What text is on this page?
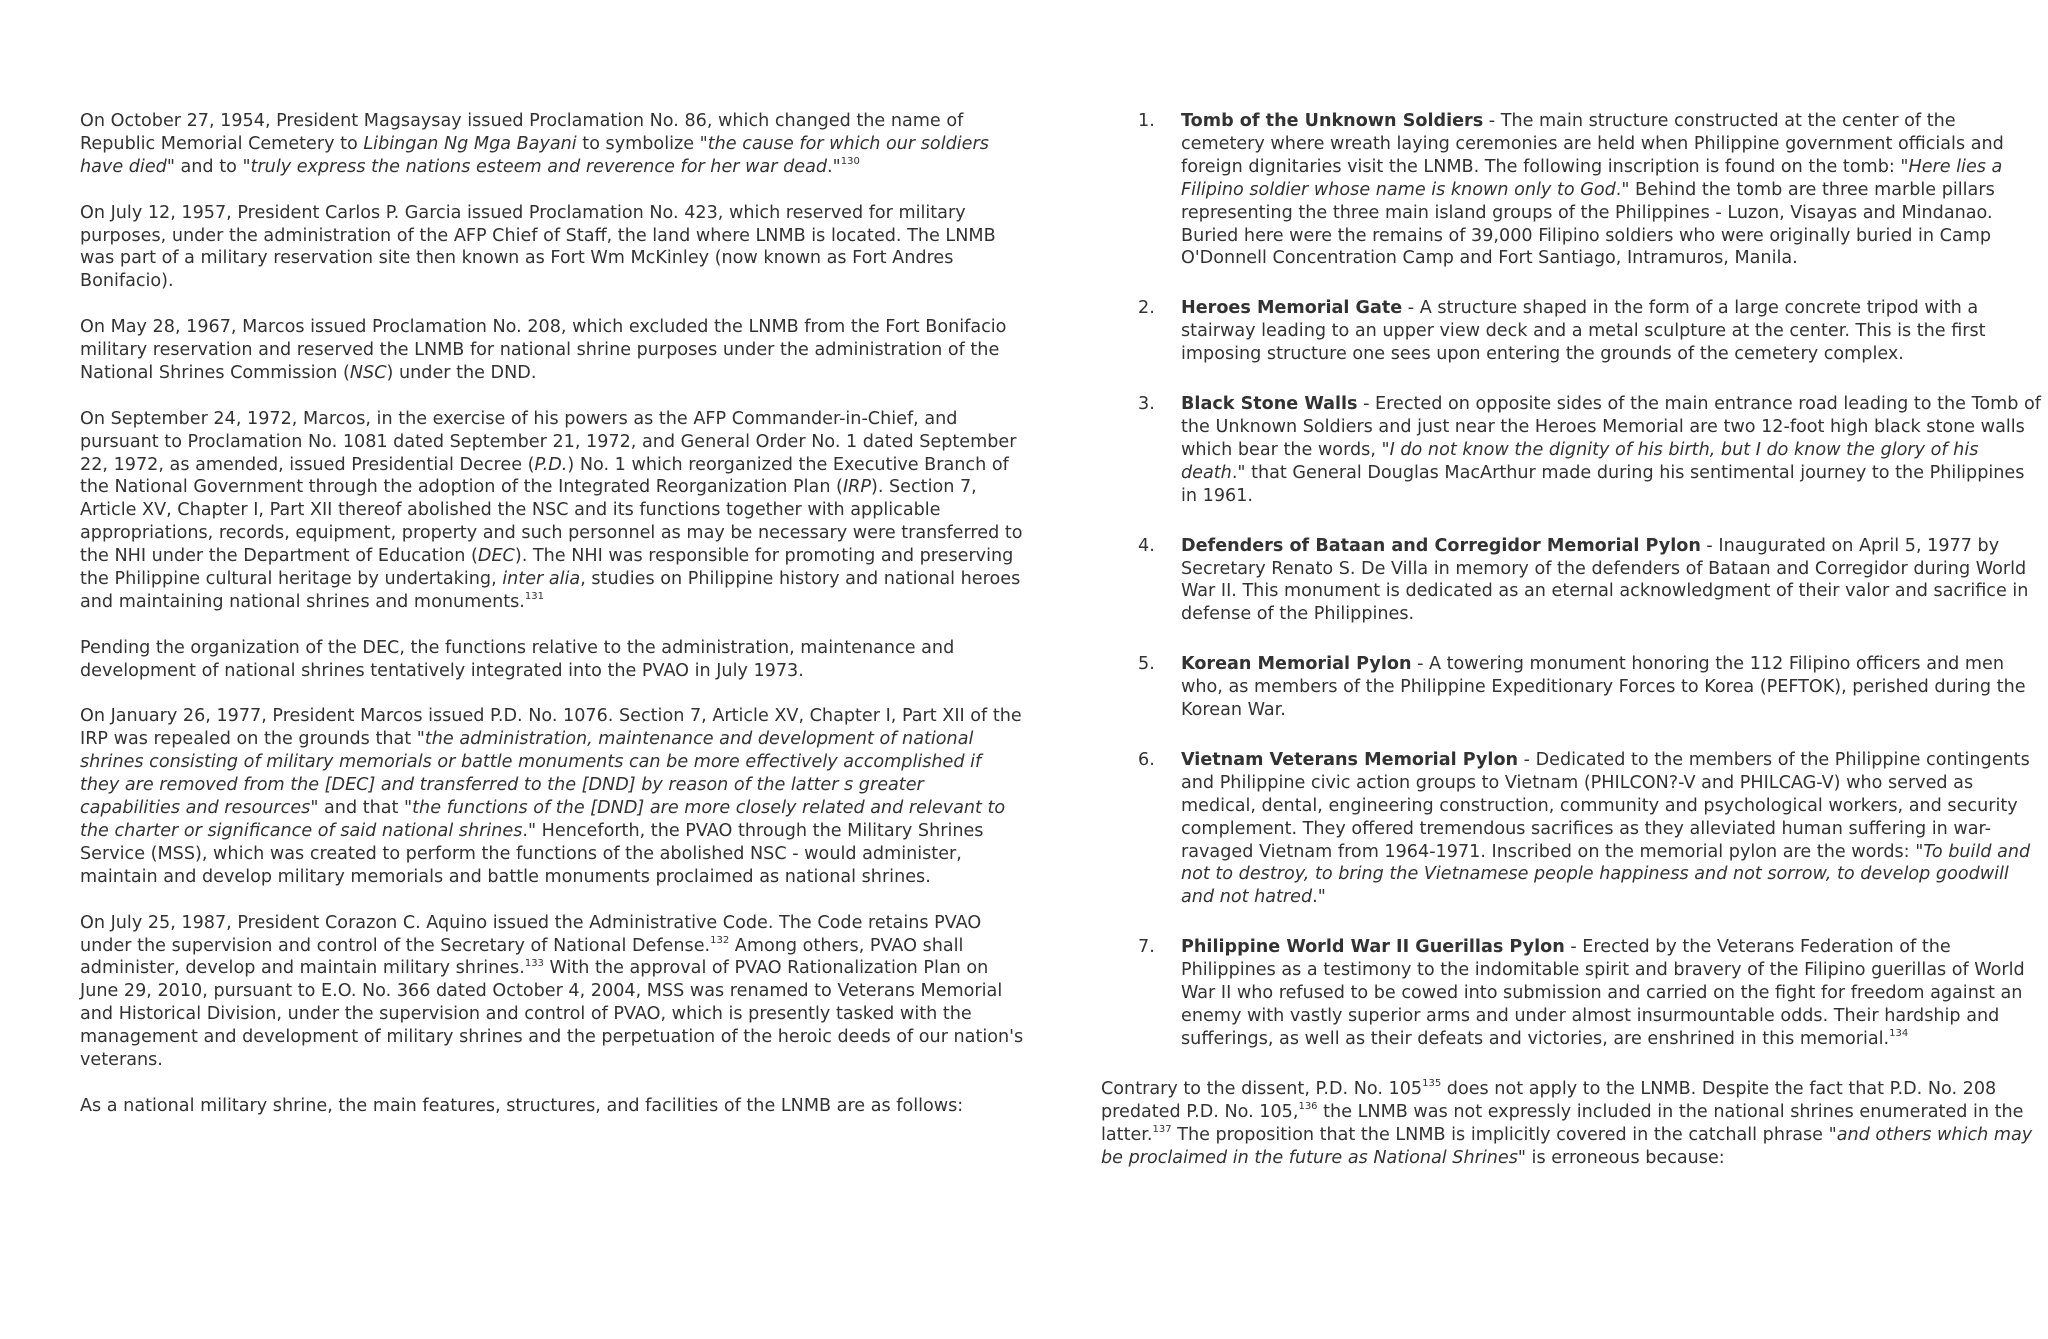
On October 27, 1954, President Magsaysay issued Proclamation No. 86, which changed the name of Republic Memorial Cemetery to Libingan Ng Mga Bayani to symbolize "the cause for which our soldiers have died" and to "truly express the nations esteem and reverence for her war dead."$^{130}$

On July 12, 1957, President Carlos P. Garcia issued Proclamation No. 423, which reserved for military purposes, under the administration of the AFP Chief of Staff, the land where LNMB is located. The LNMB was part of a military reservation site then known as Fort Wm McKinley (now known as Fort Andres Bonifacio).

On May 28, 1967, Marcos issued Proclamation No. 208, which excluded the LNMB from the Fort Bonifacio military reservation and reserved the LNMB for national shrine purposes under the administration of the National Shrines Commission (NSC) under the DND.

On September 24, 1972, Marcos, in the exercise of his powers as the AFP Commander-in-Chief, and pursuant to Proclamation No. 1081 dated September 21, 1972, and General Order No. 1 dated September 22, 1972, as amended, issued Presidential Decree (P.D.) No. 1 which reorganized the Executive Branch of the National Government through the adoption of the Integrated Reorganization Plan (IRP). Section 7, Article XV, Chapter I, Part XII thereof abolished the NSC and its functions together with applicable appropriations, records, equipment, property and such personnel as may be necessary were transferred to the NHI under the Department of Education (DEC). The NHI was responsible for promoting and preserving the Philippine cultural heritage by undertaking, inter alia, studies on Philippine history and national heroes and maintaining national shrines and monuments.$^{131}$

Pending the organization of the DEC, the functions relative to the administration, maintenance and development of national shrines tentatively integrated into the PVAO in July 1973.

On January 26, 1977, President Marcos issued P.D. No. 1076. Section 7, Article XV, Chapter I, Part XII of the IRP was repealed on the grounds that "the administration, maintenance and development of national shrines consisting of military memorials or battle monuments can be more effectively accomplished if they are removed from the [DEC] and transferred to the [DND] by reason of the latter s greater capabilities and resources" and that "the functions of the [DND] are more closely related and relevant to the charter or significance of said national shrines." Henceforth, the PVAO through the Military Shrines Service (MSS), which was created to perform the functions of the abolished NSC - would administer, maintain and develop military memorials and battle monuments proclaimed as national shrines.

On July 25, 1987, President Corazon C. Aquino issued the Administrative Code. The Code retains PVAO under the supervision and control of the Secretary of National Defense.$^{132}$ Among others, PVAO shall administer, develop and maintain military shrines.$^{133}$ With the approval of PVAO Rationalization Plan on June 29, 2010, pursuant to E.O. No. 366 dated October 4, 2004, MSS was renamed to Veterans Memorial and Historical Division, under the supervision and control of PVAO, which is presently tasked with the management and development of military shrines and the perpetuation of the heroic deeds of our nation's veterans.

As a national military shrine, the main features, structures, and facilities of the LNMB are as follows:

1. Tomb of the Unknown Soldiers - The main structure constructed at the center of the cemetery where wreath laying ceremonies are held when Philippine government officials and foreign dignitaries visit the LNMB. The following inscription is found on the tomb: "Here lies a Filipino soldier whose name is known only to God." Behind the tomb are three marble pillars representing the three main island groups of the Philippines - Luzon, Visayas and Mindanao. Buried here were the remains of 39,000 Filipino soldiers who were originally buried in Camp O'Donnell Concentration Camp and Fort Santiago, Intramuros, Manila.
2. Heroes Memorial Gate - A structure shaped in the form of a large concrete tripod with a stairway leading to an upper view deck and a metal sculpture at the center. This is the first imposing structure one sees upon entering the grounds of the cemetery complex.
3. Black Stone Walls - Erected on opposite sides of the main entrance road leading to the Tomb of the Unknown Soldiers and just near the Heroes Memorial are two 12-foot high black stone walls which bear the words, "I do not know the dignity of his birth, but I do know the glory of his death." that General Douglas MacArthur made during his sentimental journey to the Philippines in 1961.
4. Defenders of Bataan and Corregidor Memorial Pylon - Inaugurated on April 5, 1977 by Secretary Renato S. De Villa in memory of the defenders of Bataan and Corregidor during World War II. This monument is dedicated as an eternal acknowledgment of their valor and sacrifice in defense of the Philippines.
5. Korean Memorial Pylon - A towering monument honoring the 112 Filipino officers and men who, as members of the Philippine Expeditionary Forces to Korea (PEFTOK), perished during the Korean War.
6. Vietnam Veterans Memorial Pylon - Dedicated to the members of the Philippine contingents and Philippine civic action groups to Vietnam (PHILCON?-V and PHILCAG-V) who served as medical, dental, engineering construction, community and psychological workers, and security complement. They offered tremendous sacrifices as they alleviated human suffering in war-ravaged Vietnam from 1964-1971. Inscribed on the memorial pylon are the words: "To build and not to destroy, to bring the Vietnamese people happiness and not sorrow, to develop goodwill and not hatred."
7. Philippine World War II Guerillas Pylon - Erected by the Veterans Federation of the Philippines as a testimony to the indomitable spirit and bravery of the Filipino guerillas of World War II who refused to be cowed into submission and carried on the fight for freedom against an enemy with vastly superior arms and under almost insurmountable odds. Their hardship and sufferings, as well as their defeats and victories, are enshrined in this memorial.$^{134}$

Contrary to the dissent, P.D. No. $105^{135}$ does not apply to the LNMB. Despite the fact that P.D. No. 208 predated P.D. No. 105,$^{136}$ the LNMB was not expressly included in the national shrines enumerated in the latter.$^{137}$ The proposition that the LNMB is implicitly covered in the catchall phrase "and others which may be proclaimed in the future as National Shrines" is erroneous because:
